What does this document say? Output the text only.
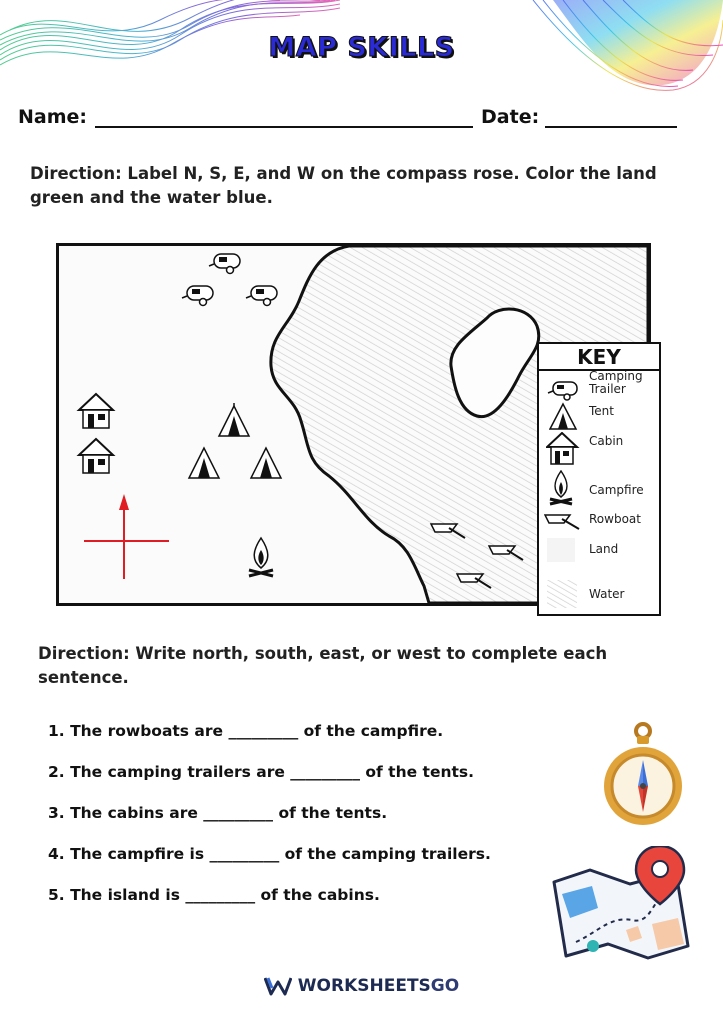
MAP SKILLS
Name:	Date:
Direction: Label N, S, E, and W on the compass rose. Color the land green and the water blue.
KEY
Camping Trailer
Tent
Cabin
Campfire
Rowboat
Land
Water
Direction: Write north, south, east, or west to complete each sentence.
1. The rowboats are _________ of the campfire.
2. The camping trailers are _________ of the tents.
3. The cabins are _________ of the tents.
4. The campfire is _________ of the camping trailers.
5. The island is _________ of the cabins.
WORKSHEETSGO
